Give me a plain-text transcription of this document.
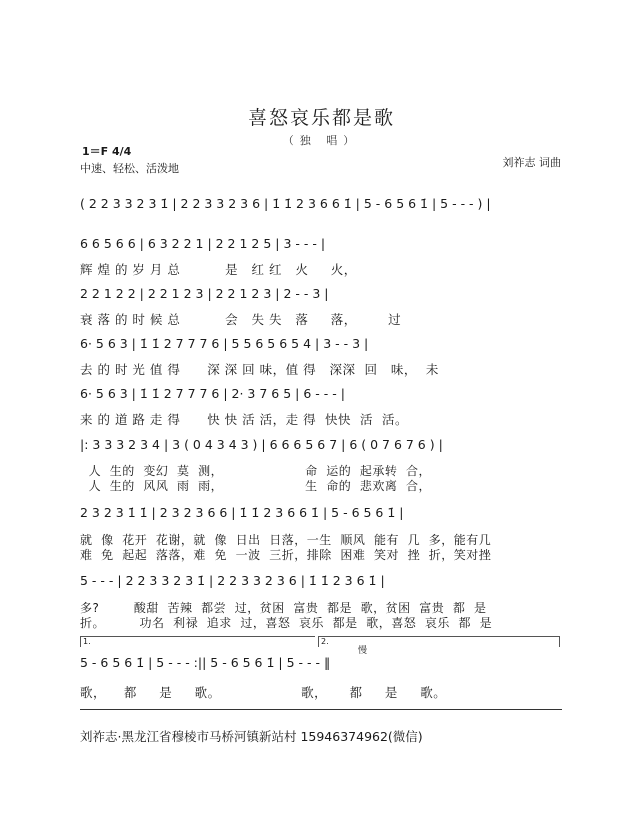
喜怒哀乐都是歌
（独 唱）
1＝F 4/4
中速、轻松、活泼地	刘祚志 词曲
( 2 2 3 3 2 3 1̇ | 2 2 3 3 2 3 6 | 1̇ 1̇ 2 3 6 6 1̇ | 5 - 6 5 6 1̇ | 5 - - - ) |
6 6 5 6 6 | 6 3 2 2 1 | 2 2 1 2 5 | 3 - - - |
辉 煌 的 岁 月 总          是   红 红   火     火，
2 2 1 2 2 | 2 2 1 2 3 | 2 2 1 2 3 | 2 - - 3 |
衰 落 的 时 候 总          会   失 失   落     落，       过
6· 5 6 3 | 1̇ 1̇ 2 7 7 7 6 | 5 5 6 5 6 5 4 | 3 - - 3 |
去 的 时 光 值 得      深 深 回 味，值 得   深深  回   味，  未
6· 5 6 3 | 1̇ 1̇ 2 7 7 7 6 | 2· 3 7 6 5 | 6 - - - |
来 的 道 路 走 得      快 快 活 活，走 得  快快  活  活。
|: 3 3 3 2 3 4 | 3 ( 0 4 3 4 3 ) | 6 6 6 5 6 7 | 6 ( 0 7 6 7 6 ) |
人  生的  变幻  莫  测，                   命  运的  起承转  合，
人  生的  风风  雨  雨，                   生  命的  悲欢离  合，
2 3 2 3 1̇ 1̇ | 2 3 2 3 6 6 | 1̇ 1̇ 2 3 6 6 1̇ | 5 - 6 5 6 1̇ |
就  像  花开  花谢，就  像  日出  日落，一生  顺风  能有  几  多，能有几
难  免  起起  落落，难  免  一波  三折，排除  困难  笑对  挫  折，笑对挫
5 - - - | 2 2 3 3 2 3 1̇ | 2 2 3 3 2 3 6 | 1̇ 1̇ 2 3 6 1̇ |
多?        酸甜  苦辣  都尝  过，贫困  富贵  都是  歌，贫困  富贵  都  是
折。        功名  利禄  追求  过，喜怒  哀乐  都是  歌，喜怒  哀乐  都  是
1.	2.
慢
5 - 6 5 6 1̇ | 5 - - - :|| 5 - 6 5 6 1̇ | 5 - - - ‖
歌，    都     是     歌。                  歌，     都     是     歌。
刘祚志·黑龙江省穆棱市马桥河镇新站村 15946374962(微信)
